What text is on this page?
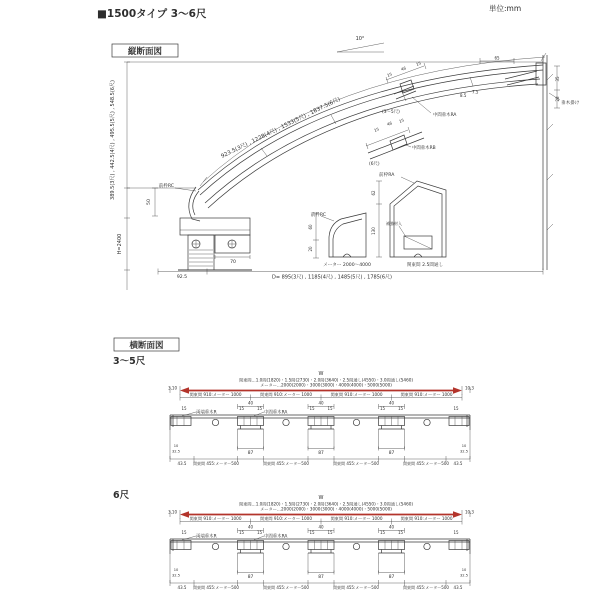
■1500タイプ 3〜6尺	単位:mm
縦断面図
10°
923.5(3尺) , 1228(4尺) , 1533(5尺) , 1837.5(6尺)
389.5(3尺) , 442.5(4尺) , 495.5(5尺) , 548.5(6尺)
H=2400
50
70
前枠RC
92.5	D= 895(3尺) , 1185(4尺) , 1485(5尺) , 1785(6尺)
65
8.5
7.5
35
28
垂木掛け
15
46
15
(3〜5尺)
中間垂木RA
15
46 15
(6尺)
中間垂木RB
60
20
前枠RC
メーター 2000〜4000
62
130
前枠RA
補強材入
関東間 2.5間通し
横断面図
3〜5尺
6尺
W
関東間…1.0間(1820)・1.5間(2730)・2.0間(3640)・2.5間通し(4550)・3.0間通し(5460)
メーター…2000(2000)・3000(3000)・4000(4000)・5000(5000)
3,10	10,3
関東間 910:メーター 1000	関東間 910:メーター 1000	関東間 910:メーター 1000	関東間 910:メーター 1000
40	40	40
15	15	15	15	15	15
15	15
両端垂木R	中間垂木RA
87	87	87
10
32.5
10
32.5
43.5	43.5
関東間 455:メーター500	関東間 455:メーター500	関東間 455:メーター500	関東間 455:メーター500
